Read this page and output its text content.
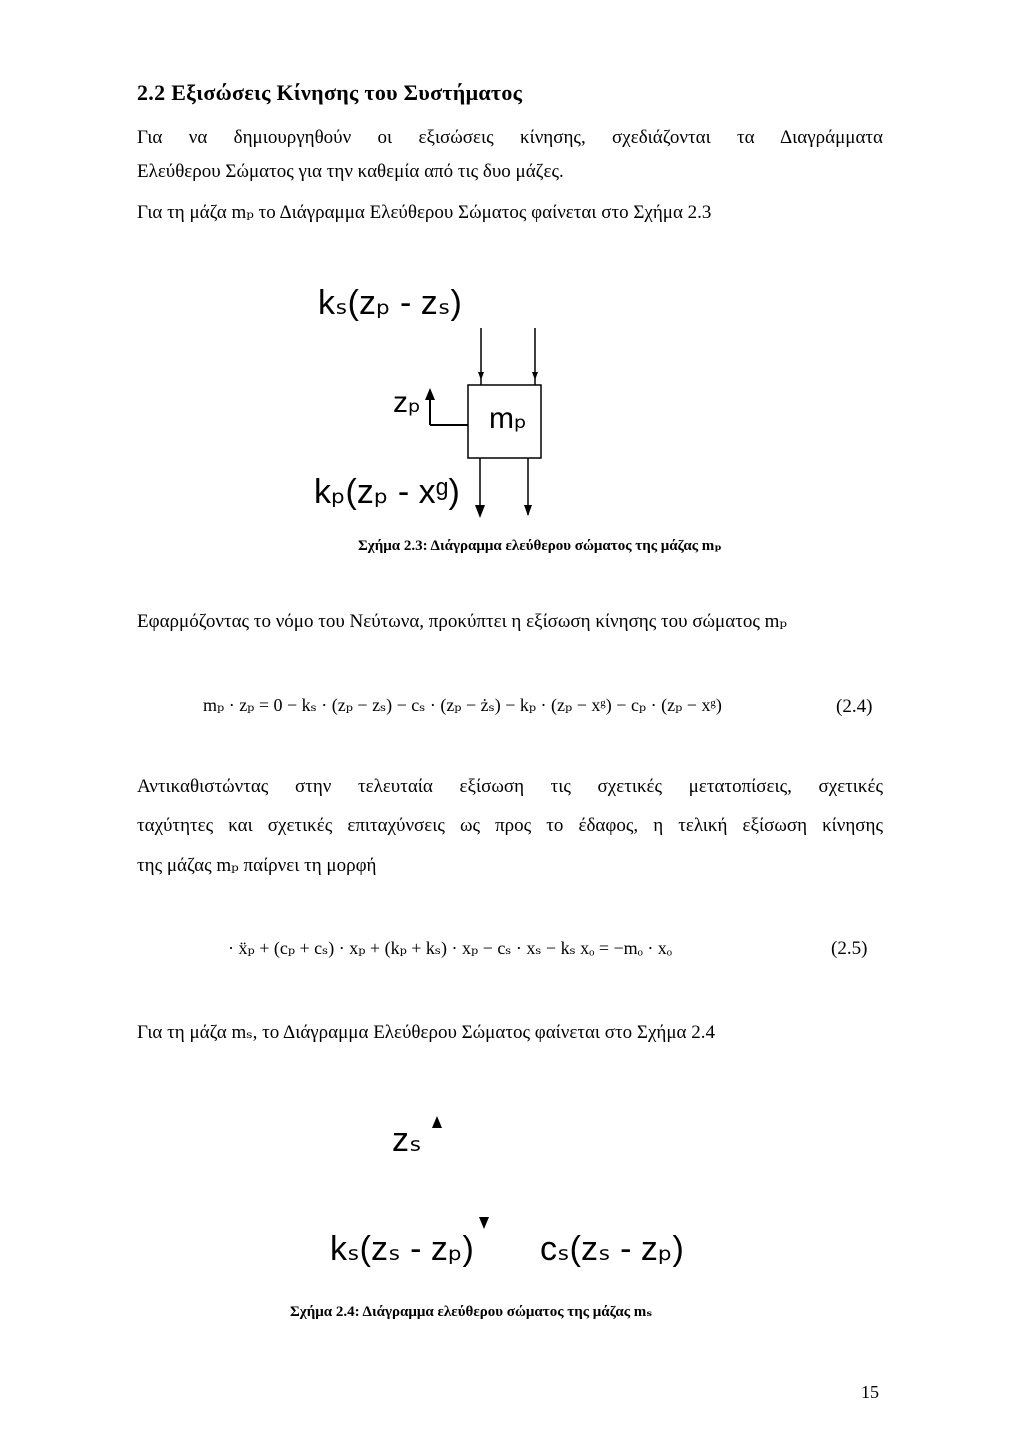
2.2 Εξισώσεις Κίνησης του Συστήματος
Για να δημιουργηθούν οι εξισώσεις κίνησης, σχεδιάζονται τα Διαγράμματα
Ελεύθερου Σώματος για την καθεμία από τις δυο μάζες.
Για τη μάζα mₚ το Διάγραμμα Ελεύθερου Σώματος φαίνεται στο Σχήμα 2.3
kₛ(zₚ - zₛ)
zₚ mₚ
kₚ(zₚ - xᵍ)
Σχήμα 2.3: Διάγραμμα ελεύθερου σώματος της μάζας mₚ
Εφαρμόζοντας το νόμο του Νεύτωνα, προκύπτει η εξίσωση κίνησης του σώματος mₚ
mₚ · zₚ = 0 − kₛ · (zₚ − zₛ) − cₛ · (zₚ − żₛ) − kₚ · (zₚ − xᵍ) − cₚ · (zₚ − xᵍ)	(2.4)
Αντικαθιστώντας στην τελευταία εξίσωση τις σχετικές μετατοπίσεις, σχετικές
ταχύτητες και σχετικές επιταχύνσεις ως προς το έδαφος, η τελική εξίσωση κίνησης
της μάζας mₚ παίρνει τη μορφή
· ẍₚ + (cₚ + cₛ) · xₚ + (kₚ + kₛ) · xₚ − cₛ · xₛ − kₛ xₒ = −mₒ · xₒ	(2.5)
Για τη μάζα mₛ, το Διάγραμμα Ελεύθερου Σώματος φαίνεται στο Σχήμα 2.4
zₛ
kₛ(zₛ - zₚ) cₛ(zₛ - zₚ)
Σχήμα 2.4: Διάγραμμα ελεύθερου σώματος της μάζας mₛ
15
